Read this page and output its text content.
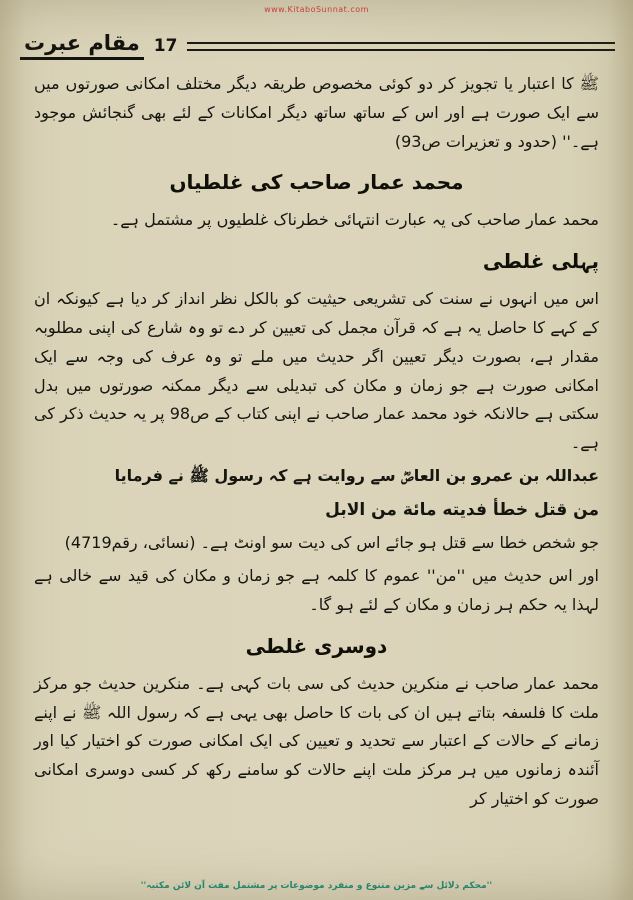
www.KitaboSunnat.com
مقام عبرت 17

ﷺ کا اعتبار یا تجویز کر دو کوئی مخصوص طریقہ دیگر مختلف امکانی صورتوں میں سے ایک صورت ہے اور اس کے ساتھ ساتھ دیگر امکانات کے لئے بھی گنجائش موجود ہے۔'' (حدود و تعزیرات ص93)

محمد عمار صاحب کی غلطیاں

محمد عمار صاحب کی یہ عبارت انتہائی خطرناک غلطیوں پر مشتمل ہے۔

پہلی غلطی

اس میں انہوں نے سنت کی تشریعی حیثیت کو بالکل نظر انداز کر دیا ہے کیونکہ ان کے کہے کا حاصل یہ ہے کہ قرآن مجمل کی تعیین کر دے تو وہ شارع کی اپنی مطلوبہ مقدار ہے، بصورت دیگر تعیین اگر حدیث میں ملے تو وہ عرف کی وجہ سے ایک امکانی صورت ہے جو زمان و مکان کی تبدیلی سے دیگر ممکنہ صورتوں میں بدل سکتی ہے حالانکہ خود محمد عمار صاحب نے اپنی کتاب کے ص98 پر یہ حدیث ذکر کی ہے۔

عبداللہ بن عمرو بن العاصؓ سے روایت ہے کہ رسول ﷺ نے فرمایا

من قتل خطأ فديته مائة من الابل

جو شخص خطا سے قتل ہو جائے اس کی دیت سو اونٹ ہے۔ (نسائی، رقم4719)

اور اس حدیث میں ''من'' عموم کا کلمہ ہے جو زمان و مکان کی قید سے خالی ہے لہذا یہ حکم ہر زمان و مکان کے لئے ہو گا۔

دوسری غلطی

محمد عمار صاحب نے منکرین حدیث کی سی بات کہی ہے۔ منکرین حدیث جو مرکز ملت کا فلسفہ بتاتے ہیں ان کی بات کا حاصل بھی یہی ہے کہ رسول اللہ ﷺ نے اپنے زمانے کے حالات کے اعتبار سے تحدید و تعیین کی ایک امکانی صورت کو اختیار کیا اور آئندہ زمانوں میں ہر مرکز ملت اپنے حالات کو سامنے رکھ کر کسی دوسری امکانی صورت کو اختیار کر

''محکم دلائل سے مزین متنوع و منفرد موضوعات پر مشتمل مفت آن لائن مکتبہ''
